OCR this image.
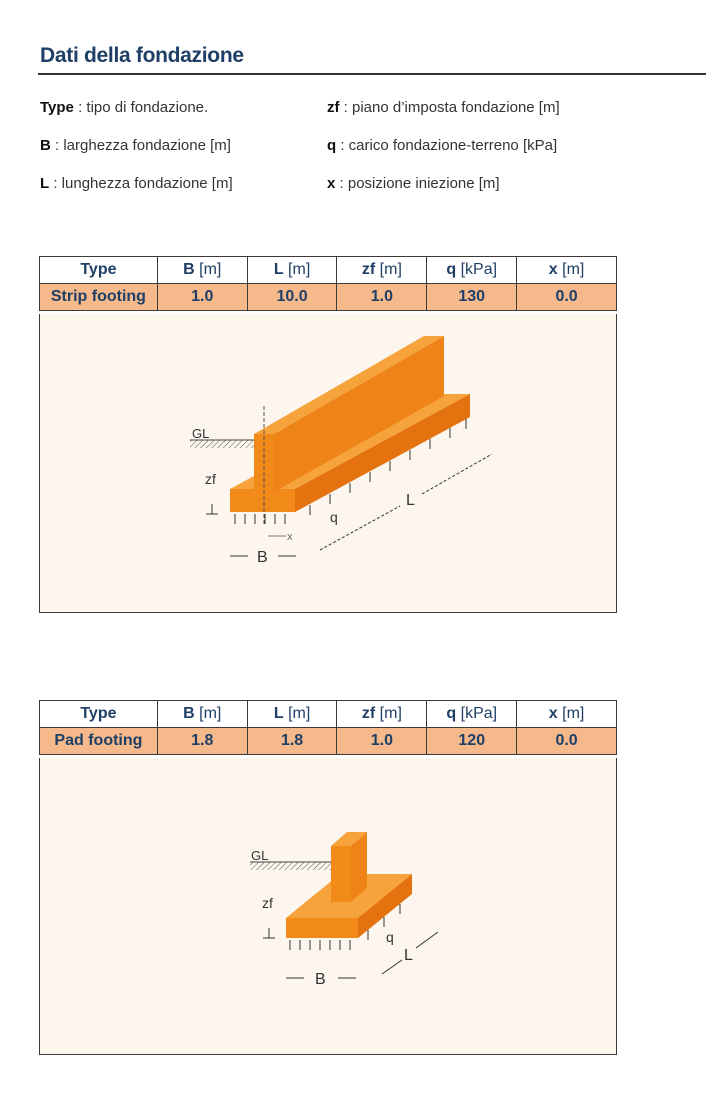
Dati della fondazione
Type : tipo di fondazione.
B : larghezza fondazione [m]
L : lunghezza fondazione [m]
zf : piano d’imposta fondazione [m]
q : carico fondazione-terreno [kPa]
x : posizione iniezione [m]
Type	B [m]	L [m]	zf [m]	q [kPa]	x [m]
Strip footing	1.0	10.0	1.0	130	0.0
GL
zf
q
x
B
L
Type	B [m]	L [m]	zf [m]	q [kPa]	x [m]
Pad footing	1.8	1.8	1.0	120	0.0
GL
zf
q
B
L
